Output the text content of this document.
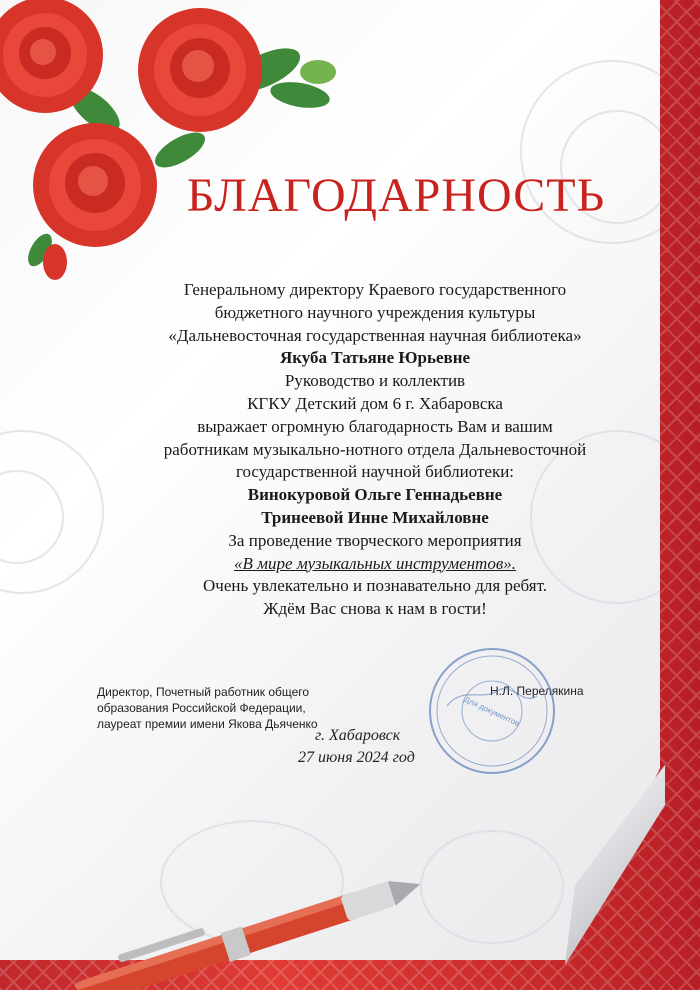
БЛАГОДАРНОСТЬ
Генеральному директору Краевого государственного
бюджетного научного учреждения культуры
«Дальневосточная государственная научная библиотека»
Якуба Татьяне Юрьевне
Руководство и коллектив
КГКУ Детский дом 6 г. Хабаровска
выражает огромную благодарность Вам и вашим
работникам музыкально-нотного отдела Дальневосточной
государственной научной библиотеки:
Винокуровой Ольге Геннадьевне
Тринеевой Инне Михайловне
За проведение творческого мероприятия
«В мире музыкальных инструментов».
Очень увлекательно и познавательно для ребят.
Ждём Вас снова к нам в гости!
Директор, Почетный работник общего
образования Российской Федерации,
лауреат премии имени Якова Дьяченко
Н.Л. Перелякина
Для документов
г. Хабаровск
27 июня 2024 год
